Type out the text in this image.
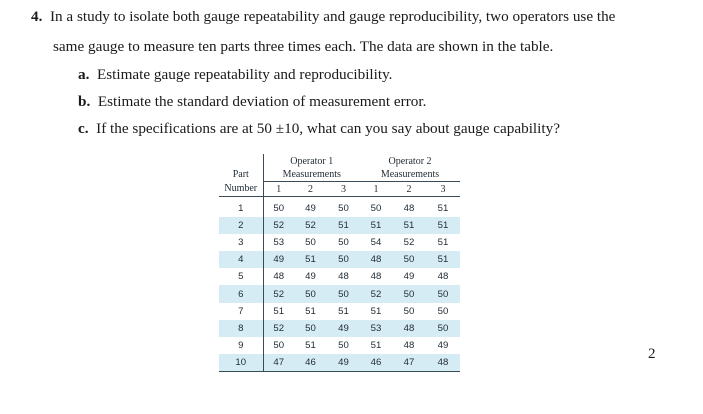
4. In a study to isolate both gauge repeatability and gauge reproducibility, two operators use the
same gauge to measure ten parts three times each. The data are shown in the table.
a. Estimate gauge repeatability and reproducibility.
b. Estimate the standard deviation of measurement error.
c. If the specifications are at 50 ±10, what can you say about gauge capability?
	Operator 1			Operator 2		
Part	Measurements			Measurements		
Number	1	2	3	1	2	3

1	50	49	50	50	48	51
2	52	52	51	51	51	51
3	53	50	50	54	52	51
4	49	51	50	48	50	51
5	48	49	48	48	49	48
6	52	50	50	52	50	50
7	51	51	51	51	50	50
8	52	50	49	53	48	50
9	50	51	50	51	48	49
10	47	46	49	46	47	48
2
